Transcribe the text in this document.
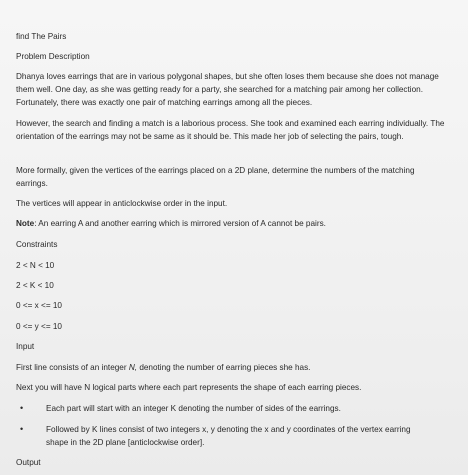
find The Pairs
Problem Description
Dhanya loves earrings that are in various polygonal shapes, but she often loses them because she does not manage them well. One day, as she was getting ready for a party, she searched for a matching pair among her collection. Fortunately, there was exactly one pair of matching earrings among all the pieces.
However, the search and finding a match is a laborious process. She took and examined each earring individually. The orientation of the earrings may not be same as it should be. This made her job of selecting the pairs, tough.
More formally, given the vertices of the earrings placed on a 2D plane, determine the numbers of the matching earrings.
The vertices will appear in anticlockwise order in the input.
Note: An earring A and another earring which is mirrored version of A cannot be pairs.
Constraints
2 < N < 10
2 < K < 10
0 <= x <= 10
0 <= y <= 10
Input
First line consists of an integer N, denoting the number of earring pieces she has.
Next you will have N logical parts where each part represents the shape of each earring pieces.
•	Each part will start with an integer K denoting the number of sides of the earrings.
•	Followed by K lines consist of two integers x, y denoting the x and y coordinates of the vertex earring shape in the 2D plane [anticlockwise order].
Output
